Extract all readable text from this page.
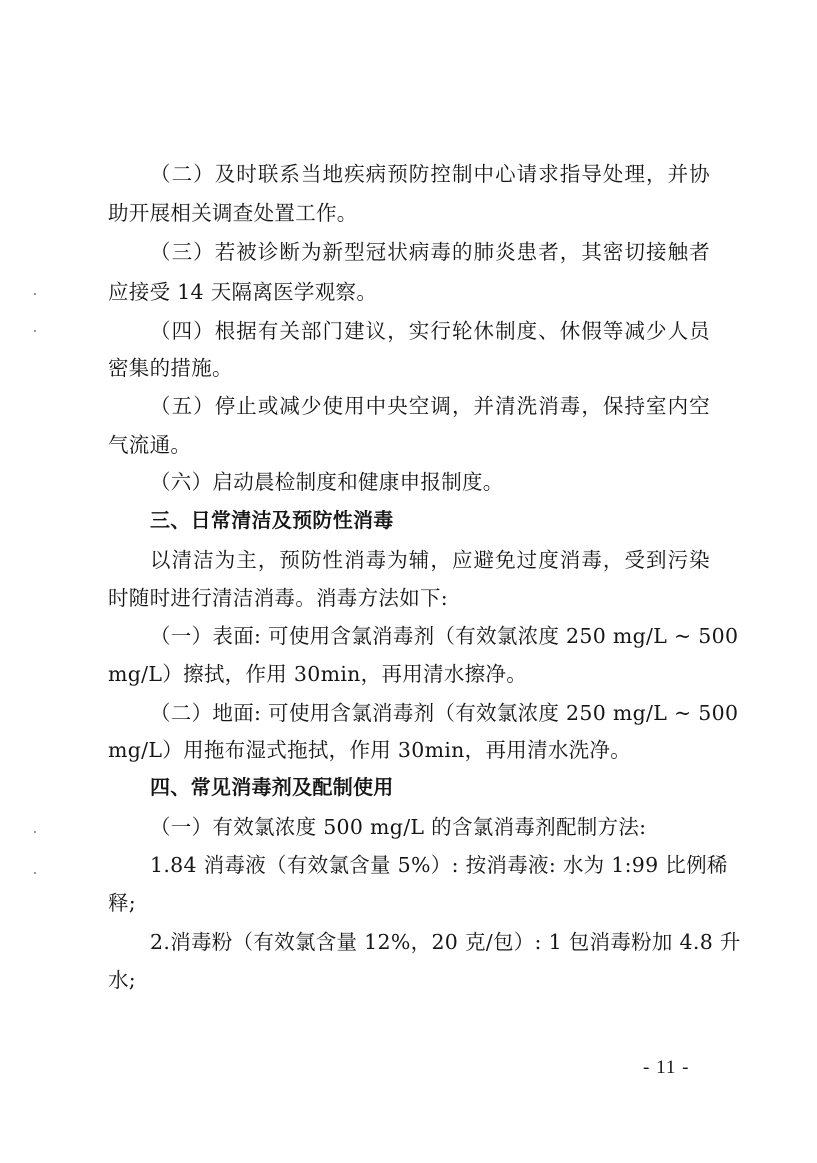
（二）及时联系当地疾病预防控制中心请求指导处理，并协
助开展相关调查处置工作。
（三）若被诊断为新型冠状病毒的肺炎患者，其密切接触者
应接受 14 天隔离医学观察。
（四）根据有关部门建议，实行轮休制度、休假等减少人员
密集的措施。
（五）停止或减少使用中央空调，并清洗消毒，保持室内空
气流通。
（六）启动晨检制度和健康申报制度。
三、日常清洁及预防性消毒
以清洁为主，预防性消毒为辅，应避免过度消毒，受到污染
时随时进行清洁消毒。消毒方法如下:
（一）表面: 可使用含氯消毒剂（有效氯浓度 250 mg/L ~ 500
mg/L）擦拭，作用 30min，再用清水擦净。
（二）地面: 可使用含氯消毒剂（有效氯浓度 250 mg/L ~ 500
mg/L）用拖布湿式拖拭，作用 30min，再用清水洗净。
四、常见消毒剂及配制使用
（一）有效氯浓度 500 mg/L 的含氯消毒剂配制方法:
1.84 消毒液（有效氯含量 5%）: 按消毒液: 水为 1:99 比例稀
释;
2.消毒粉（有效氯含量 12%，20 克/包）: 1 包消毒粉加 4.8 升
水;
- 11 -
